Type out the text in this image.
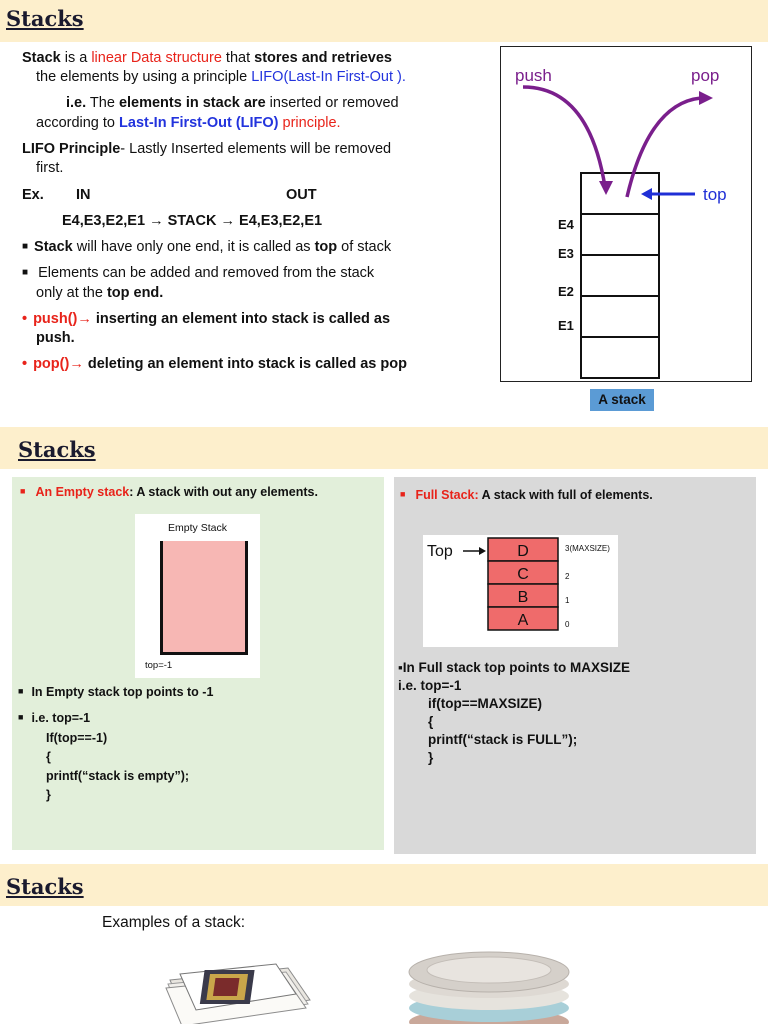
Stacks
Stack is a linear Data structure that stores and retrieves
the elements by using a principle LIFO(Last-In First-Out ).
i.e. The elements in stack are inserted or removed
according to Last-In First-Out (LIFO) principle.
LIFO Principle- Lastly Inserted elements will be removed
first.
Ex. IN	OUT
E4,E3,E2,E1 → STACK → E4,E3,E2,E1
■ Stack will have only one end, it is called as top of stack
■ Elements can be added and removed from the stack
only at the top end.
• push()→ inserting an element into stack is called as
push.
• pop()→ deleting an element into stack is called as pop
push	pop
top
E4
E3
E2
E1
A stack
Stacks
■ An Empty stack: A stack with out any elements.
Empty Stack
top=-1
■ In Empty stack top points to -1
■ i.e. top=-1
If(top==-1)
{
printf(“stack is empty”);
}
■ Full Stack: A stack with full of elements.
Top	D
C
B
A
3(MAXSIZE)
2
1
0
▪In Full stack top points to MAXSIZE
i.e. top=-1
if(top==MAXSIZE)
{
printf(“stack is FULL”);
}
Stacks
Examples of a stack:
